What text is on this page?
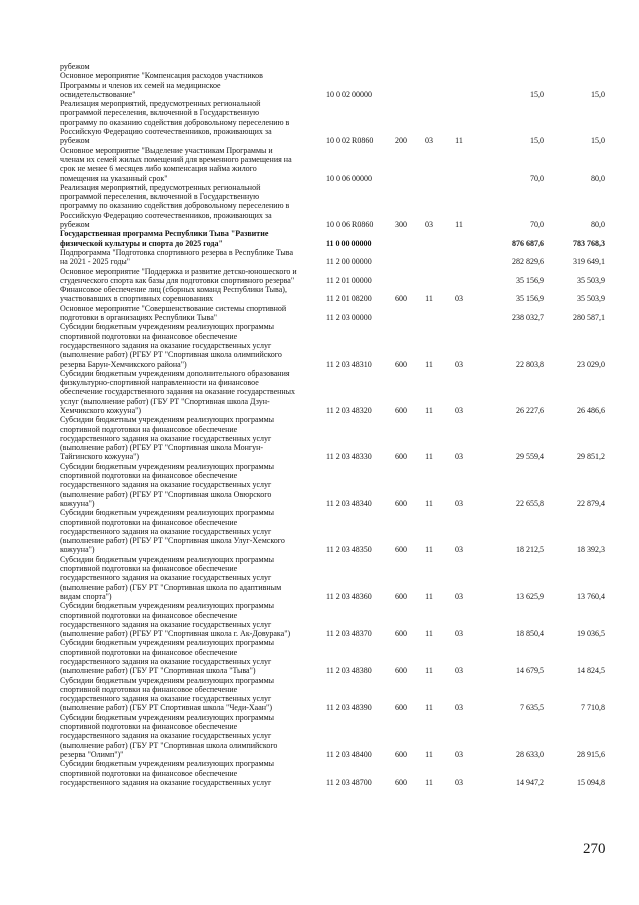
рубежом
Основное мероприятие "Компенсация расходов участников
Программы и членов их семей на медицинское
освидетельствование"	10 0 02 00000	15,0	15,0
Реализация мероприятий, предусмотренных региональной
программой переселения, включенной в Государственную
программу по оказанию содействия добровольному переселению в
Российскую Федерацию соотечественников, проживающих за
рубежом	10 0 02 R0860	200	03	11	15,0	15,0
Основное мероприятие "Выделение участникам Программы и
членам их семей жилых помещений для временного размещения на
срок не менее 6 месяцев либо компенсация найма жилого
помещения на указанный срок"	10 0 06 00000	70,0	80,0
Реализация мероприятий, предусмотренных региональной
программой переселения, включенной в Государственную
программу по оказанию содействия добровольному переселению в
Российскую Федерацию соотечественников, проживающих за
рубежом	10 0 06 R0860	300	03	11	70,0	80,0
Государственная программа Республики Тыва "Развитие
физической культуры и спорта до 2025 года"	11 0 00 00000	876 687,6	783 768,3
Подпрограмма "Подготовка спортивного резерва в Республике Тыва
на 2021 - 2025 годы"	11 2 00 00000	282 829,6	319 649,1
Основное мероприятие "Поддержка и развитие детско-юношеского и
студенческого спорта как базы для подготовки спортивного резерва"	11 2 01 00000	35 156,9	35 503,9
Финансовое обеспечение лиц (сборных команд Республики Тыва),
участвовавших в спортивных соревнованиях	11 2 01 08200	600	11	03	35 156,9	35 503,9
Основное мероприятие "Совершенствование системы спортивной
подготовки в организациях Республики Тыва"	11 2 03 00000	238 032,7	280 587,1
Субсидии бюджетным учреждениям реализующих программы
спортивной подготовки на финансовое обеспечение
государственного задания на оказание государственных услуг
(выполнение работ) (РГБУ РТ "Спортивная школа олимпийского
резерва Барун-Хемчикского района")	11 2 03 48310	600	11	03	22 803,8	23 029,0
Субсидии бюджетным учреждениям дополнительного образования
физкультурно-спортивной направленности на финансовое
обеспечение государственного задания на оказание государственных
услуг (выполнение работ) (ГБУ РТ "Спортивная школа Дзун-
Хемчикского кожууна")	11 2 03 48320	600	11	03	26 227,6	26 486,6
Субсидии бюджетным учреждениям реализующих программы
спортивной подготовки на финансовое обеспечение
государственного задания на оказание государственных услуг
(выполнение работ) (РГБУ РТ "Спортивная школа Монгун-
Тайгинского кожууна")	11 2 03 48330	600	11	03	29 559,4	29 851,2
Субсидии бюджетным учреждениям реализующих программы
спортивной подготовки на финансовое обеспечение
государственного задания на оказание государственных услуг
(выполнение работ) (РГБУ РТ "Спортивная школа Овюрского
кожууна")	11 2 03 48340	600	11	03	22 655,8	22 879,4
Субсидии бюджетным учреждениям реализующих программы
спортивной подготовки на финансовое обеспечение
государственного задания на оказание государственных услуг
(выполнение работ) (РГБУ РТ "Спортивная школа Улуг-Хемского
кожууна")	11 2 03 48350	600	11	03	18 212,5	18 392,3
Субсидии бюджетным учреждениям реализующих программы
спортивной подготовки на финансовое обеспечение
государственного задания на оказание государственных услуг
(выполнение работ) (ГБУ РТ "Спортивная школа по адаптивным
видам спорта")	11 2 03 48360	600	11	03	13 625,9	13 760,4
Субсидии бюджетным учреждениям реализующих программы
спортивной подготовки на финансовое обеспечение
государственного задания на оказание государственных услуг
(выполнение работ) (РГБУ РТ "Спортивная школа г. Ак-Довурака")	11 2 03 48370	600	11	03	18 850,4	19 036,5
Субсидии бюджетным учреждениям реализующих программы
спортивной подготовки на финансовое обеспечение
государственного задания на оказание государственных услуг
(выполнение работ) (ГБУ РТ "Спортивная школа "Тыва")	11 2 03 48380	600	11	03	14 679,5	14 824,5
Субсидии бюджетным учреждениям реализующих программы
спортивной подготовки на финансовое обеспечение
государственного задания на оказание государственных услуг
(выполнение работ) (ГБУ РТ Спортивная школа "Чеди-Хаан")	11 2 03 48390	600	11	03	7 635,5	7 710,8
Субсидии бюджетным учреждениям реализующих программы
спортивной подготовки на финансовое обеспечение
государственного задания на оказание государственных услуг
(выполнение работ) (ГБУ РТ "Спортивная школа олимпийского
резерва "Олимп")"	11 2 03 48400	600	11	03	28 633,0	28 915,6
Субсидии бюджетным учреждениям реализующих программы
спортивной подготовки на финансовое обеспечение
государственного задания на оказание государственных услуг	11 2 03 48700	600	11	03	14 947,2	15 094,8
270
